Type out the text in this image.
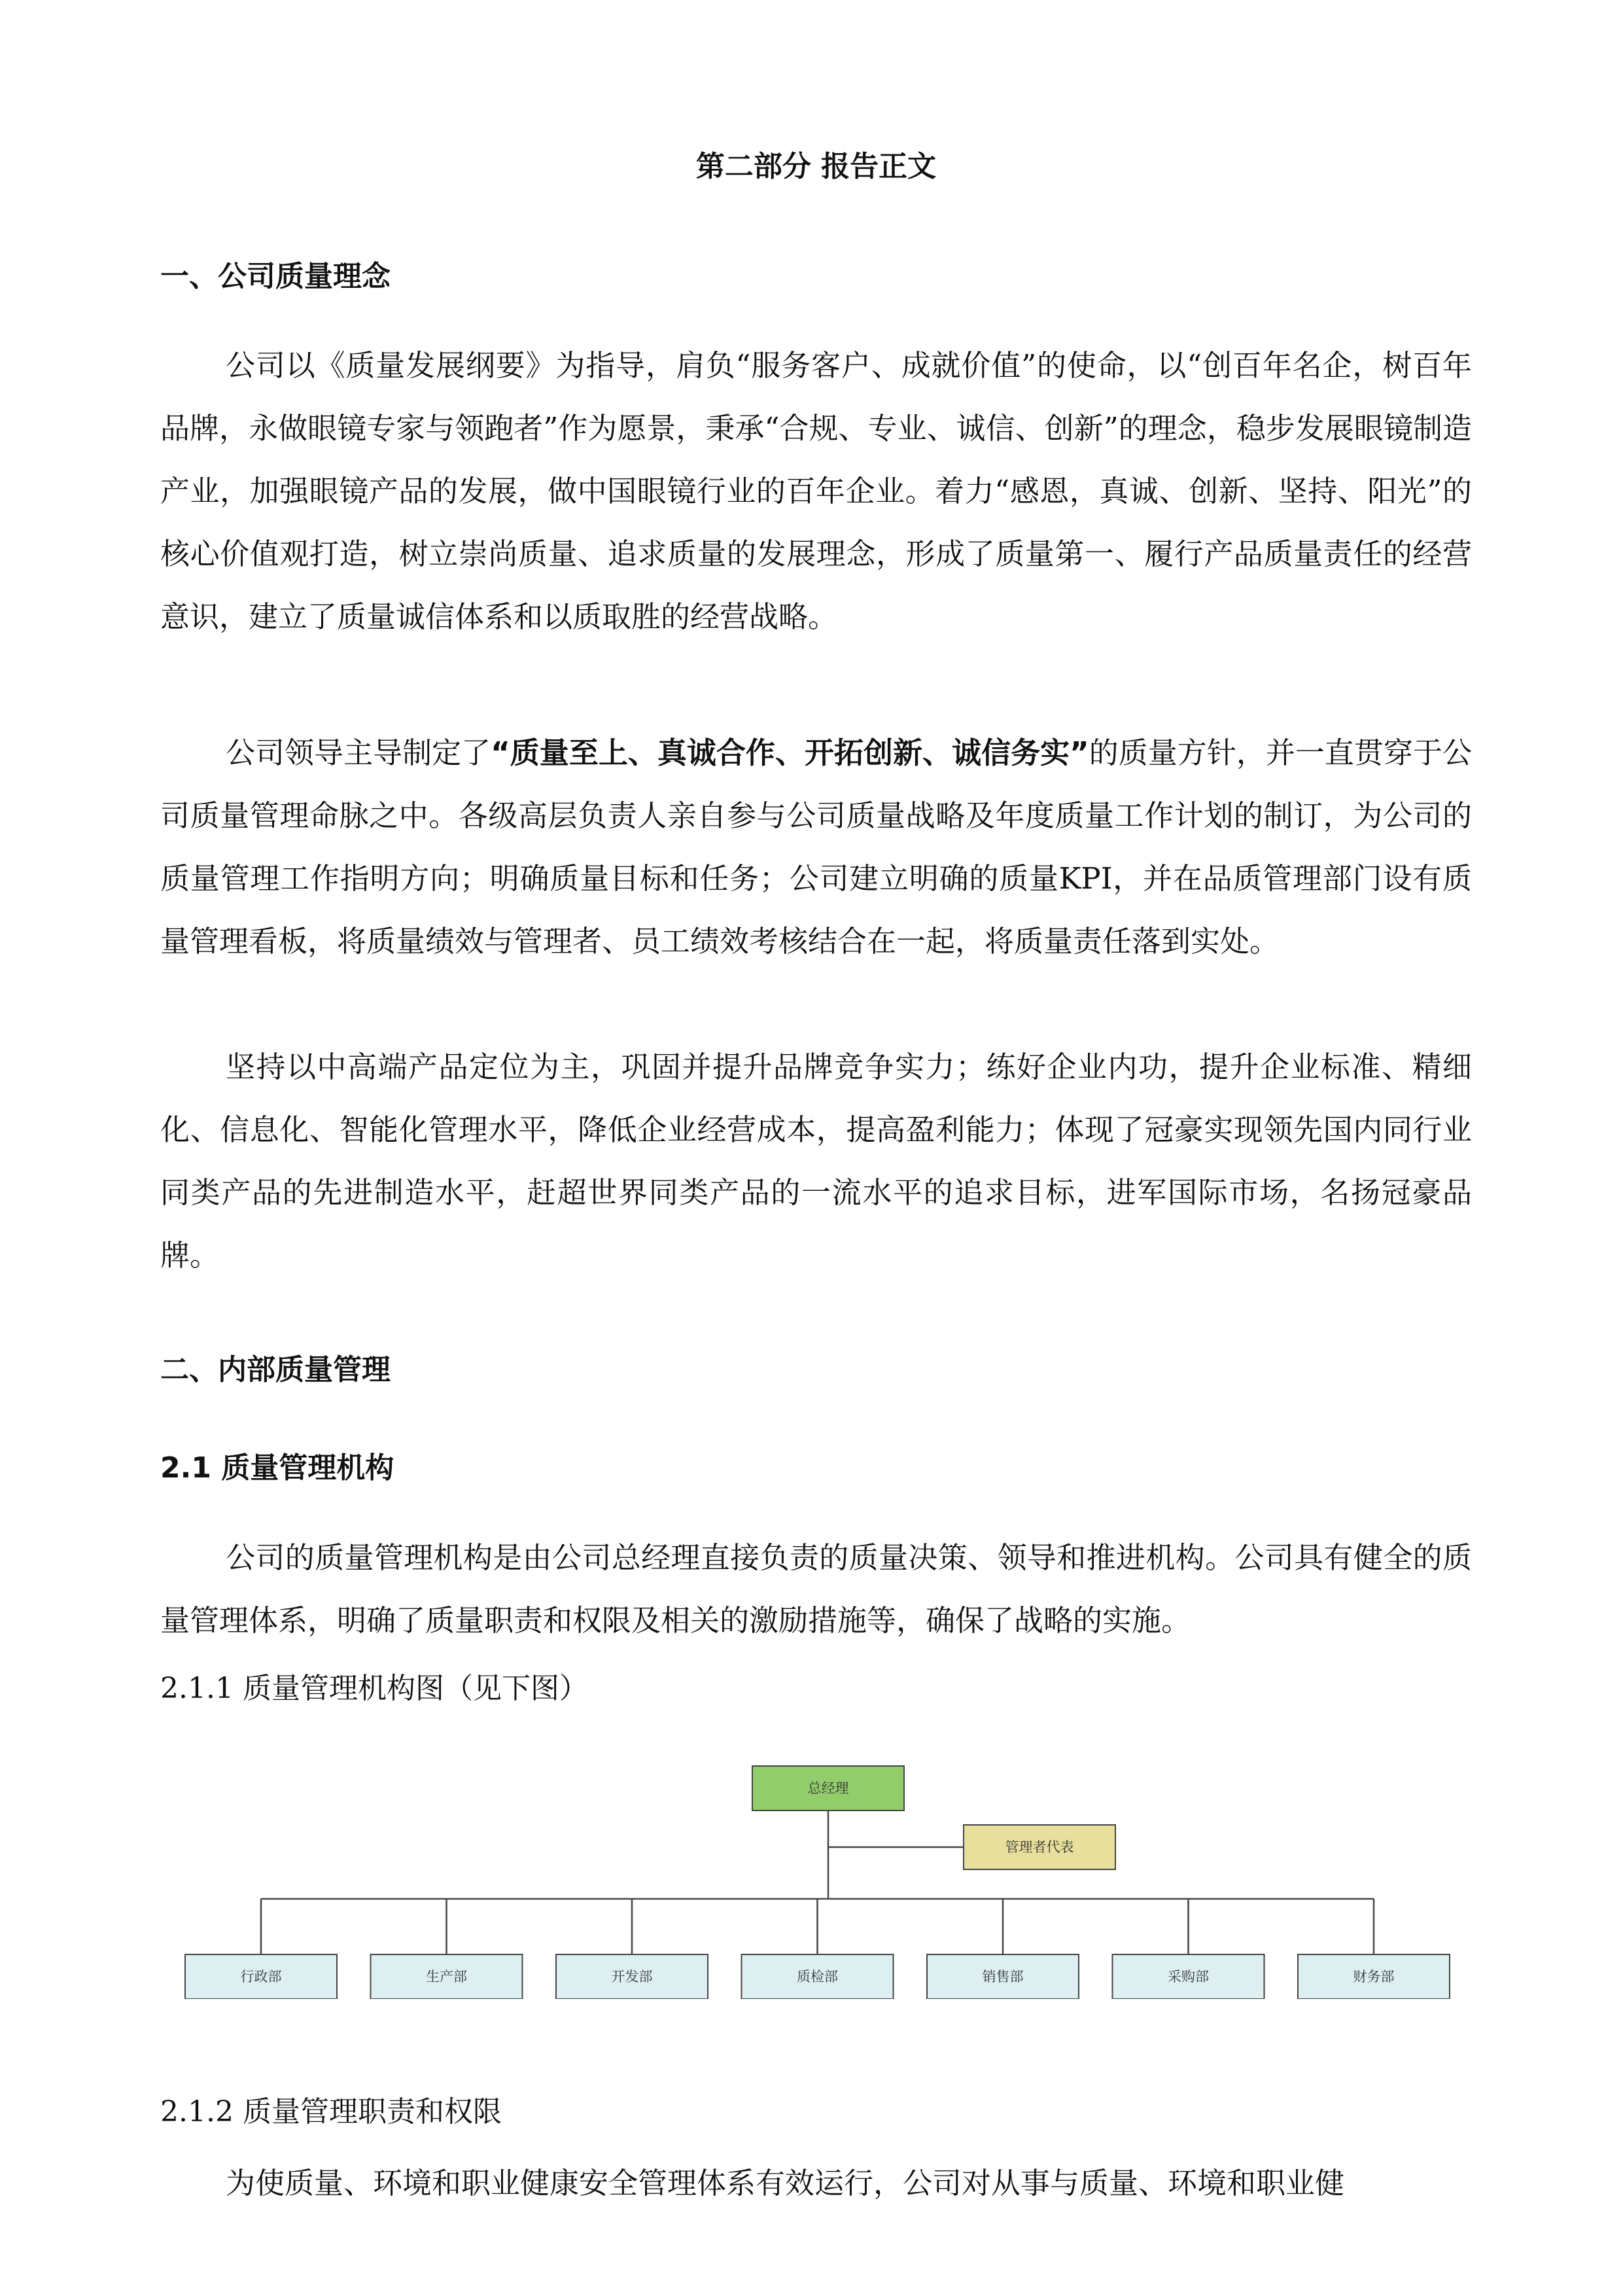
第二部分 报告正文
一、公司质量理念

公司以《质量发展纲要》为指导，肩负“服务客户、成就价值”的使命，以“创百年名企，树百年品牌，永做眼镜专家与领跑者”作为愿景，秉承“合规、专业、诚信、创新”的理念，稳步发展眼镜制造产业，加强眼镜产品的发展，做中国眼镜行业的百年企业。着力“感恩，真诚、创新、坚持、阳光”的核心价值观打造，树立崇尚质量、追求质量的发展理念，形成了质量第一、履行产品质量责任的经营意识，建立了质量诚信体系和以质取胜的经营战略。

公司领导主导制定了“质量至上、真诚合作、开拓创新、诚信务实”的质量方针，并一直贯穿于公司质量管理命脉之中。各级高层负责人亲自参与公司质量战略及年度质量工作计划的制订，为公司的质量管理工作指明方向；明确质量目标和任务；公司建立明确的质量KPI，并在品质管理部门设有质量管理看板，将质量绩效与管理者、员工绩效考核结合在一起，将质量责任落到实处。

坚持以中高端产品定位为主，巩固并提升品牌竞争实力；练好企业内功，提升企业标准、精细化、信息化、智能化管理水平，降低企业经营成本，提高盈利能力；体现了冠豪实现领先国内同行业同类产品的先进制造水平，赶超世界同类产品的一流水平的追求目标，进军国际市场，名扬冠豪品牌。

二、内部质量管理
2.1 质量管理机构

公司的质量管理机构是由公司总经理直接负责的质量决策、领导和推进机构。公司具有健全的质量管理体系，明确了质量职责和权限及相关的激励措施等，确保了战略的实施。

2.1.1 质量管理机构图（见下图）

总经理
管理者代表
行政部	生产部	开发部	质检部	销售部	采购部	财务部

2.1.2 质量管理职责和权限

为使质量、环境和职业健康安全管理体系有效运行，公司对从事与质量、环境和职业健
